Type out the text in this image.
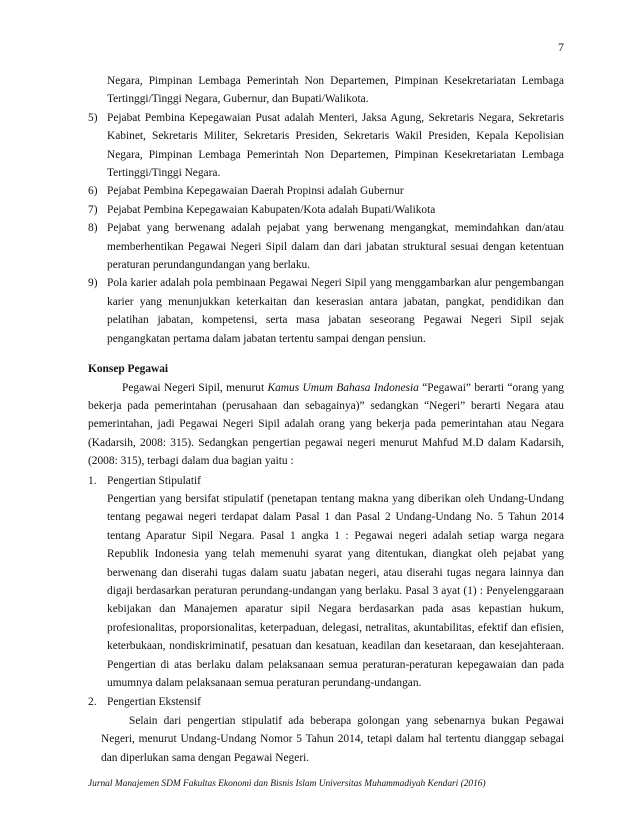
7
Negara, Pimpinan Lembaga Pemerintah Non Departemen, Pimpinan Kesekretariatan Lembaga Tertinggi/Tinggi Negara, Gubernur, dan Bupati/Walikota.
5) Pejabat Pembina Kepegawaian Pusat adalah Menteri, Jaksa Agung, Sekretaris Negara, Sekretaris Kabinet, Sekretaris Militer, Sekretaris Presiden, Sekretaris Wakil Presiden, Kepala Kepolisian Negara, Pimpinan Lembaga Pemerintah Non Departemen, Pimpinan Kesekretariatan Lembaga Tertinggi/Tinggi Negara.
6) Pejabat Pembina Kepegawaian Daerah Propinsi adalah Gubernur
7) Pejabat Pembina Kepegawaian Kabupaten/Kota adalah Bupati/Walikota
8) Pejabat yang berwenang adalah pejabat yang berwenang mengangkat, memindahkan dan/atau memberhentikan Pegawai Negeri Sipil dalam dan dari jabatan struktural sesuai dengan ketentuan peraturan perundangundangan yang berlaku.
9) Pola karier adalah pola pembinaan Pegawai Negeri Sipil yang menggambarkan alur pengembangan karier yang menunjukkan keterkaitan dan keserasian antara jabatan, pangkat, pendidikan dan pelatihan jabatan, kompetensi, serta masa jabatan seseorang Pegawai Negeri Sipil sejak pengangkatan pertama dalam jabatan tertentu sampai dengan pensiun.
Konsep Pegawai
Pegawai Negeri Sipil, menurut Kamus Umum Bahasa Indonesia “Pegawai” berarti “orang yang bekerja pada pemerintahan (perusahaan dan sebagainya)” sedangkan “Negeri” berarti Negara atau pemerintahan, jadi Pegawai Negeri Sipil adalah orang yang bekerja pada pemerintahan atau Negara (Kadarsih, 2008: 315). Sedangkan pengertian pegawai negeri menurut Mahfud M.D dalam Kadarsih, (2008: 315), terbagi dalam dua bagian yaitu :
1. Pengertian Stipulatif
Pengertian yang bersifat stipulatif (penetapan tentang makna yang diberikan oleh Undang-Undang tentang pegawai negeri terdapat dalam Pasal 1 dan Pasal 2 Undang-Undang No. 5 Tahun 2014 tentang Aparatur Sipil Negara. Pasal 1 angka 1 : Pegawai negeri adalah setiap warga negara Republik Indonesia yang telah memenuhi syarat yang ditentukan, diangkat oleh pejabat yang berwenang dan diserahi tugas dalam suatu jabatan negeri, atau diserahi tugas negara lainnya dan digaji berdasarkan peraturan perundang-undangan yang berlaku. Pasal 3 ayat (1) : Penyelenggaraan kebijakan dan Manajemen aparatur sipil Negara berdasarkan pada asas kepastian hukum, profesionalitas, proporsionalitas, keterpaduan, delegasi, netralitas, akuntabilitas, efektif dan efisien, keterbukaan, nondiskriminatif, pesatuan dan kesatuan, keadilan dan kesetaraan, dan kesejahteraan. Pengertian di atas berlaku dalam pelaksanaan semua peraturan-peraturan kepegawaian dan pada umumnya dalam pelaksanaan semua peraturan perundang-undangan.
2. Pengertian Ekstensif
Selain dari pengertian stipulatif ada beberapa golongan yang sebenarnya bukan Pegawai Negeri, menurut Undang-Undang Nomor 5 Tahun 2014, tetapi dalam hal tertentu dianggap sebagai dan diperlukan sama dengan Pegawai Negeri.
Jurnal Manajemen SDM Fakultas Ekonomi dan Bisnis Islam Universitas Muhammadiyah Kendari (2016)
